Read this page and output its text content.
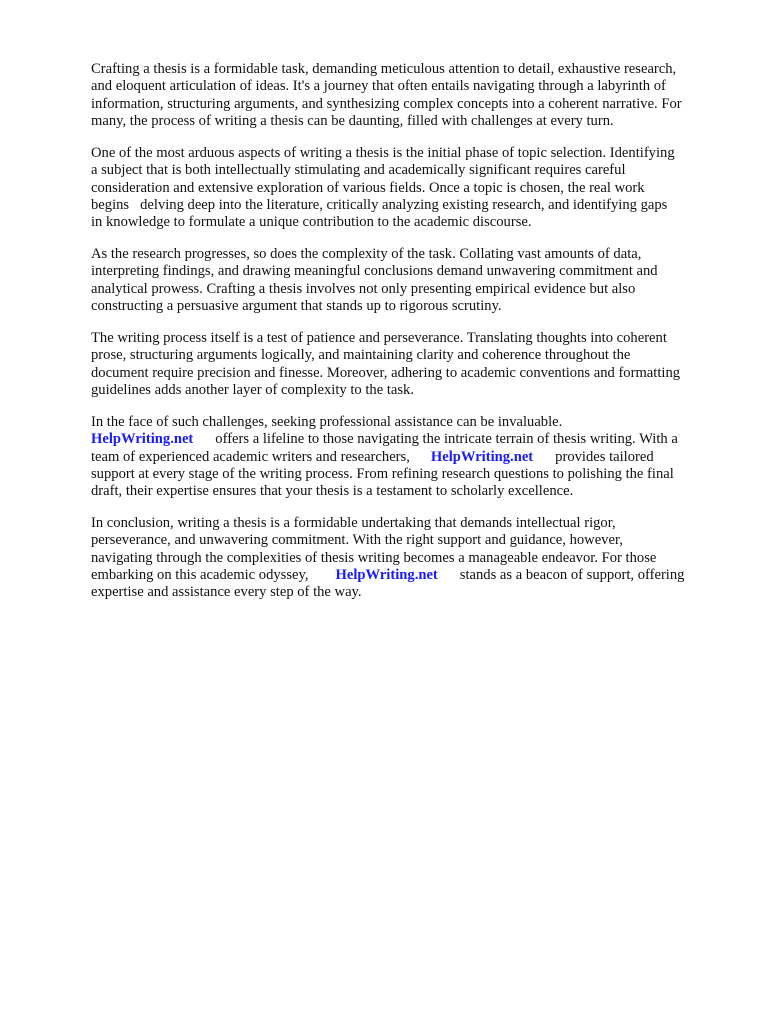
Crafting a thesis is a formidable task, demanding meticulous attention to detail, exhaustive research,
and eloquent articulation of ideas. It's a journey that often entails navigating through a labyrinth of
information, structuring arguments, and synthesizing complex concepts into a coherent narrative. For
many, the process of writing a thesis can be daunting, filled with challenges at every turn.

One of the most arduous aspects of writing a thesis is the initial phase of topic selection. Identifying
a subject that is both intellectually stimulating and academically significant requires careful
consideration and extensive exploration of various fields. Once a topic is chosen, the real work
begins delving deep into the literature, critically analyzing existing research, and identifying gaps
in knowledge to formulate a unique contribution to the academic discourse.

As the research progresses, so does the complexity of the task. Collating vast amounts of data,
interpreting findings, and drawing meaningful conclusions demand unwavering commitment and
analytical prowess. Crafting a thesis involves not only presenting empirical evidence but also
constructing a persuasive argument that stands up to rigorous scrutiny.

The writing process itself is a test of patience and perseverance. Translating thoughts into coherent
prose, structuring arguments logically, and maintaining clarity and coherence throughout the
document require precision and finesse. Moreover, adhering to academic conventions and formatting
guidelines adds another layer of complexity to the task.

In the face of such challenges, seeking professional assistance can be invaluable.
HelpWriting.net offers a lifeline to those navigating the intricate terrain of thesis writing. With a
team of experienced academic writers and researchers, HelpWriting.net provides tailored
support at every stage of the writing process. From refining research questions to polishing the final
draft, their expertise ensures that your thesis is a testament to scholarly excellence.

In conclusion, writing a thesis is a formidable undertaking that demands intellectual rigor,
perseverance, and unwavering commitment. With the right support and guidance, however,
navigating through the complexities of thesis writing becomes a manageable endeavor. For those
embarking on this academic odyssey, HelpWriting.net stands as a beacon of support, offering
expertise and assistance every step of the way.
